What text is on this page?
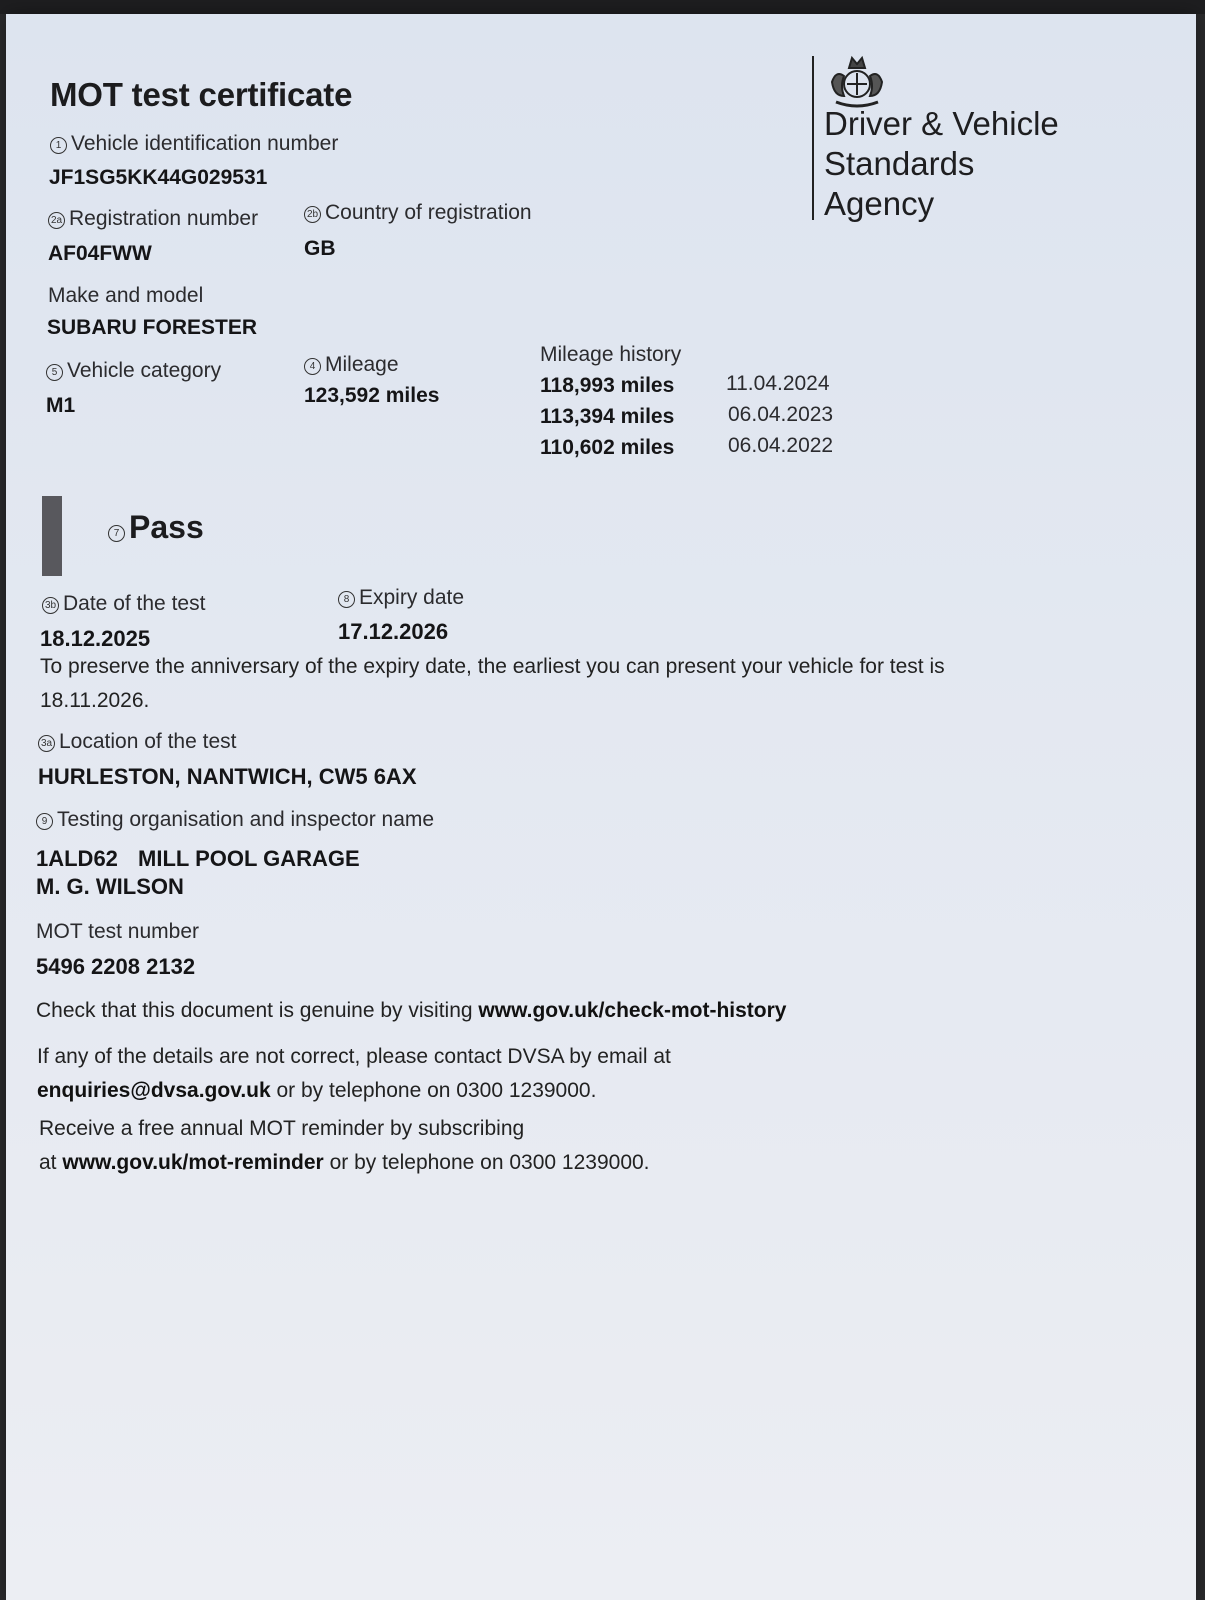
MOT test certificate
Driver & Vehicle
Standards
Agency
1 Vehicle identification number
JF1SG5KK44G029531
2a Registration number
AF04FWW
2b Country of registration
GB
Make and model
SUBARU FORESTER
5 Vehicle category
M1
4 Mileage
123,592 miles
Mileage history
118,993 miles 11.04.2024
113,394 miles	06.04.2023
110,602 miles	06.04.2022
7 Pass
3b Date of the test
18.12.2025
8 Expiry date
17.12.2026
To preserve the anniversary of the expiry date, the earliest you can present your vehicle for test is
18.11.2026.
3a Location of the test
HURLESTON, NANTWICH, CW5 6AX
9 Testing organisation and inspector name
1ALD62 MILL POOL GARAGE
M. G. WILSON
MOT test number
5496 2208 2132
Check that this document is genuine by visiting www.gov.uk/check-mot-history
If any of the details are not correct, please contact DVSA by email at
enquiries@dvsa.gov.uk or by telephone on 0300 1239000.
Receive a free annual MOT reminder by subscribing
at www.gov.uk/mot-reminder or by telephone on 0300 1239000.
